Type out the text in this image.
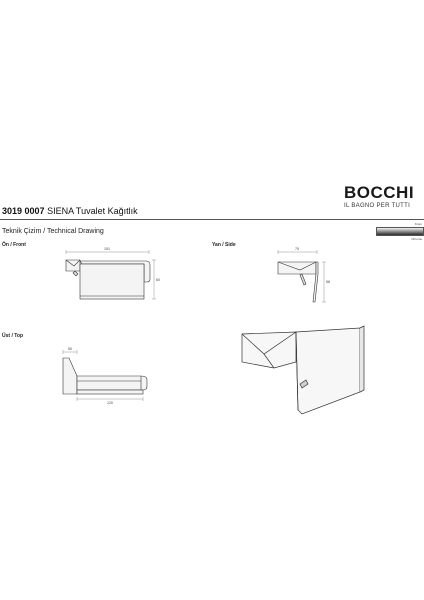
BOCCHI
IL BAGNO PER TUTTI
3019 0007 SIENA Tuvalet Kağıtlık
Teknik Çizim / Technical Drawing
Krom
Chrome
Ön / Front	Yan / Side
Üst / Top
151
60
75
58
50
120
